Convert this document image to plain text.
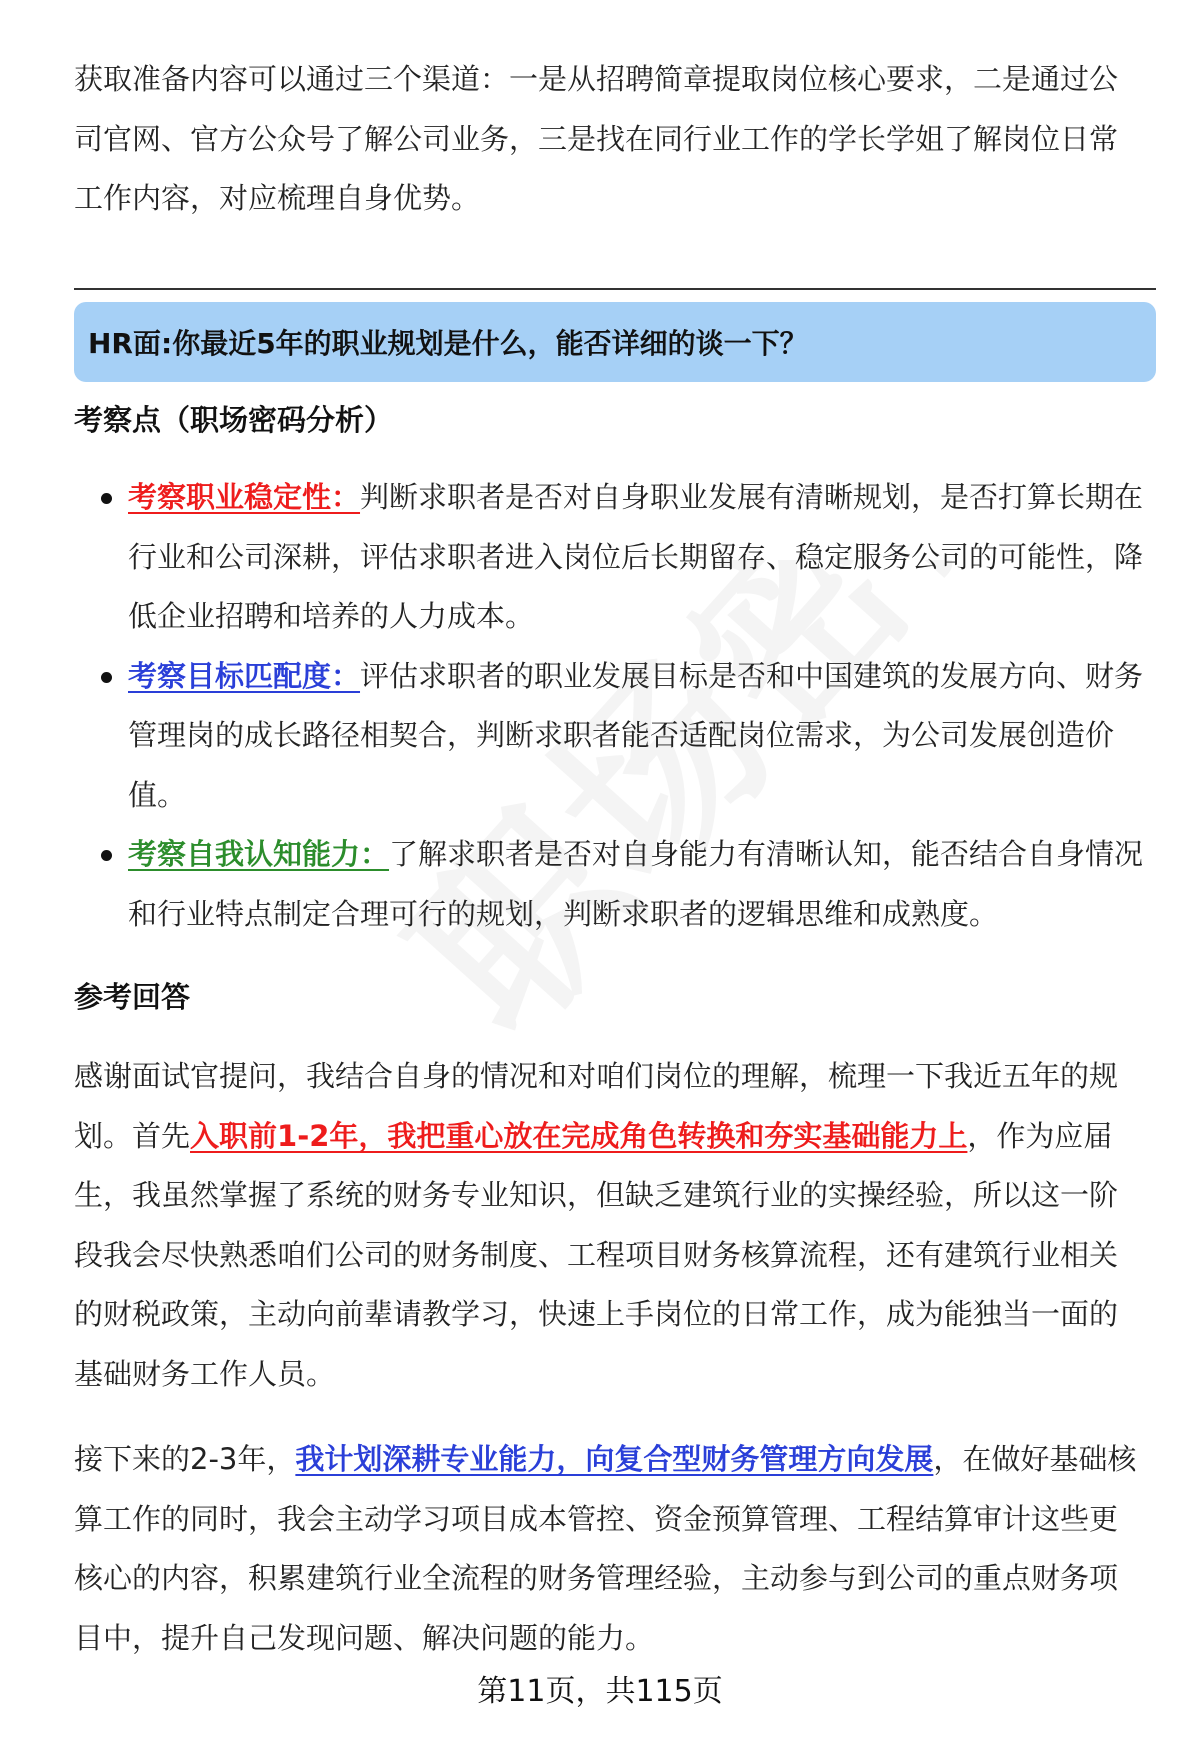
获取准备内容可以通过三个渠道：一是从招聘简章提取岗位核心要求，二是通过公司官网、官方公众号了解公司业务，三是找在同行业工作的学长学姐了解岗位日常工作内容，对应梳理自身优势。

HR面:你最近5年的职业规划是什么，能否详细的谈一下？

考察点（职场密码分析）

考察职业稳定性：判断求职者是否对自身职业发展有清晰规划，是否打算长期在行业和公司深耕，评估求职者进入岗位后长期留存、稳定服务公司的可能性，降低企业招聘和培养的人力成本。
考察目标匹配度：评估求职者的职业发展目标是否和中国建筑的发展方向、财务管理岗的成长路径相契合，判断求职者能否适配岗位需求，为公司发展创造价值。
考察自我认知能力：了解求职者是否对自身能力有清晰认知，能否结合自身情况和行业特点制定合理可行的规划，判断求职者的逻辑思维和成熟度。

参考回答

感谢面试官提问，我结合自身的情况和对咱们岗位的理解，梳理一下我近五年的规划。首先入职前1-2年，我把重心放在完成角色转换和夯实基础能力上，作为应届生，我虽然掌握了系统的财务专业知识，但缺乏建筑行业的实操经验，所以这一阶段我会尽快熟悉咱们公司的财务制度、工程项目财务核算流程，还有建筑行业相关的财税政策，主动向前辈请教学习，快速上手岗位的日常工作，成为能独当一面的基础财务工作人员。

接下来的2-3年，我计划深耕专业能力，向复合型财务管理方向发展，在做好基础核算工作的同时，我会主动学习项目成本管控、资金预算管理、工程结算审计这些更核心的内容，积累建筑行业全流程的财务管理经验，主动参与到公司的重点财务项目中，提升自己发现问题、解决问题的能力。

第11页，共115页
